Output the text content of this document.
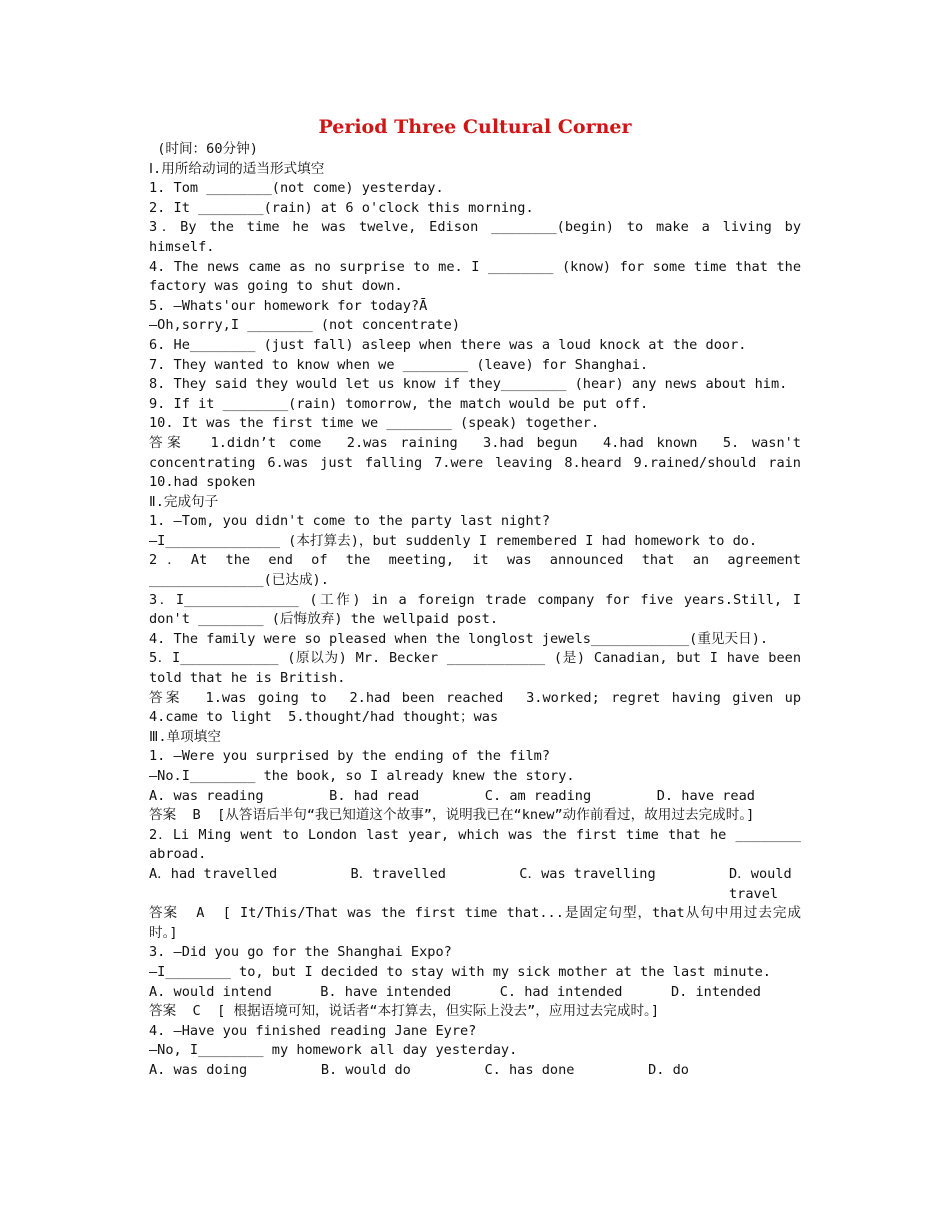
Period Three Cultural Corner
(时间：60分钟)
Ⅰ.用所给动词的适当形式填空
1. Tom ________(not come) yesterday.
2. It ________(rain) at 6 o'clock this morning.
3．By the time he was twelve, Edison ________(begin) to make a living by himself.
4. The news came as no surprise to me. I ________ (know) for some time that the factory was going to shut down.
5. —Whats'our homework for today?Ā
—Oh,sorry,I ________ (not concentrate)
6. He________ (just fall) asleep when there was a loud knock at the door.
7. They wanted to know when we ________ (leave) for Shanghai.
8. They said they would let us know if they________ (hear) any news about him.
9. If it ________(rain) tomorrow, the match would be put off.
10. It was the first time we ________ (speak) together.
答案  1.didn’t come  2.was raining  3.had begun  4.had known  5. wasn't concentrating 6.was just falling 7.were leaving 8.heard 9.rained/should rain 10.had spoken
Ⅱ.完成句子
1. —Tom, you didn't come to the party last night?
—I______________ (本打算去)，but suddenly I remembered I had homework to do.
2．At the end of the meeting, it was announced that an agreement ______________(已达成).
3．I______________ (工作) in a foreign trade company for five years.Still, I don't ________ (后悔放弃) the wellpaid post.
4. The family were so pleased when the longlost jewels____________(重见天日).
5．I____________ (原以为) Mr. Becker ____________ (是) Canadian, but I have been told that he is British.
答案  1.was going to  2.had been reached  3.worked; regret having given up 4.came to light  5.thought/had thought；was
Ⅲ.单项填空
1. —Were you surprised by the ending of the film?
—No.I________ the book, so I already knew the story.
A. was reading	B. had read	C. am reading	D. have read
答案  B  [从答语后半句“我已知道这个故事”，说明我已在“knew”动作前看过，故用过去完成时。]
2．Li Ming went to London last year, which was the first time that he ________ abroad.
A．had travelled	B．travelled	C．was travelling	D．would travel
答案  A  [ It/This/That was the first time that...是固定句型，that从句中用过去完成时。]
3. —Did you go for the Shanghai Expo?
—I________ to, but I decided to stay with my sick mother at the last minute.
A. would intend	B. have intended	C. had intended	D. intended
答案  C  [ 根据语境可知，说话者“本打算去，但实际上没去”，应用过去完成时。]
4. —Have you finished reading Jane Eyre?
—No, I________ my homework all day yesterday.
A. was doing	B. would do	C. has done	D. do
